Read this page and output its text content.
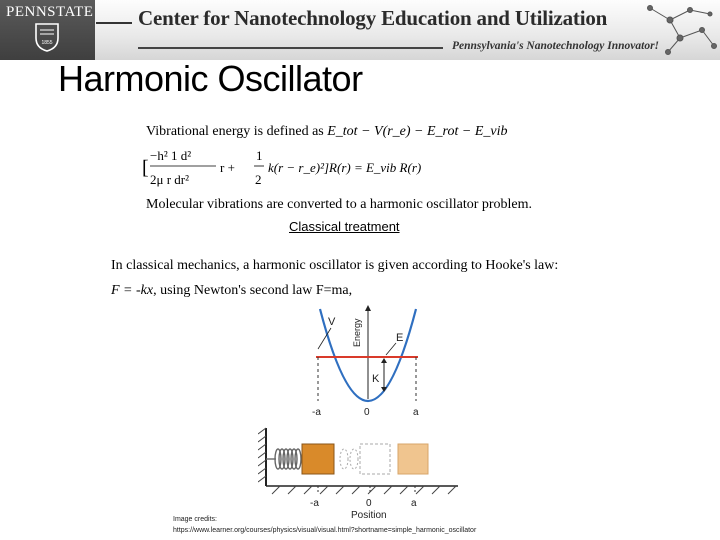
PENNSTATE
1855
Center for Nanotechnology Education and Utilization
Pennsylvania's Nanotechnology Innovator!
Harmonic Oscillator
Vibrational energy is defined as E_tot − V(r_e) − E_rot − E_vib
[
−h² 1 d²
2μ r dr²
r +
1
2
k(r − r_e)²]R(r) = E_vib R(r)
Molecular vibrations are converted to a harmonic oscillator problem.
Classical treatment
In classical mechanics, a harmonic oscillator is given according to Hooke's law:
F = -kx, using Newton's second law F=ma,
Energy
K
V
E
-a	0	a
-a	0	a
Position
Image credits:
https://www.learner.org/courses/physics/visual/visual.html?shortname=simple_harmonic_oscillator
